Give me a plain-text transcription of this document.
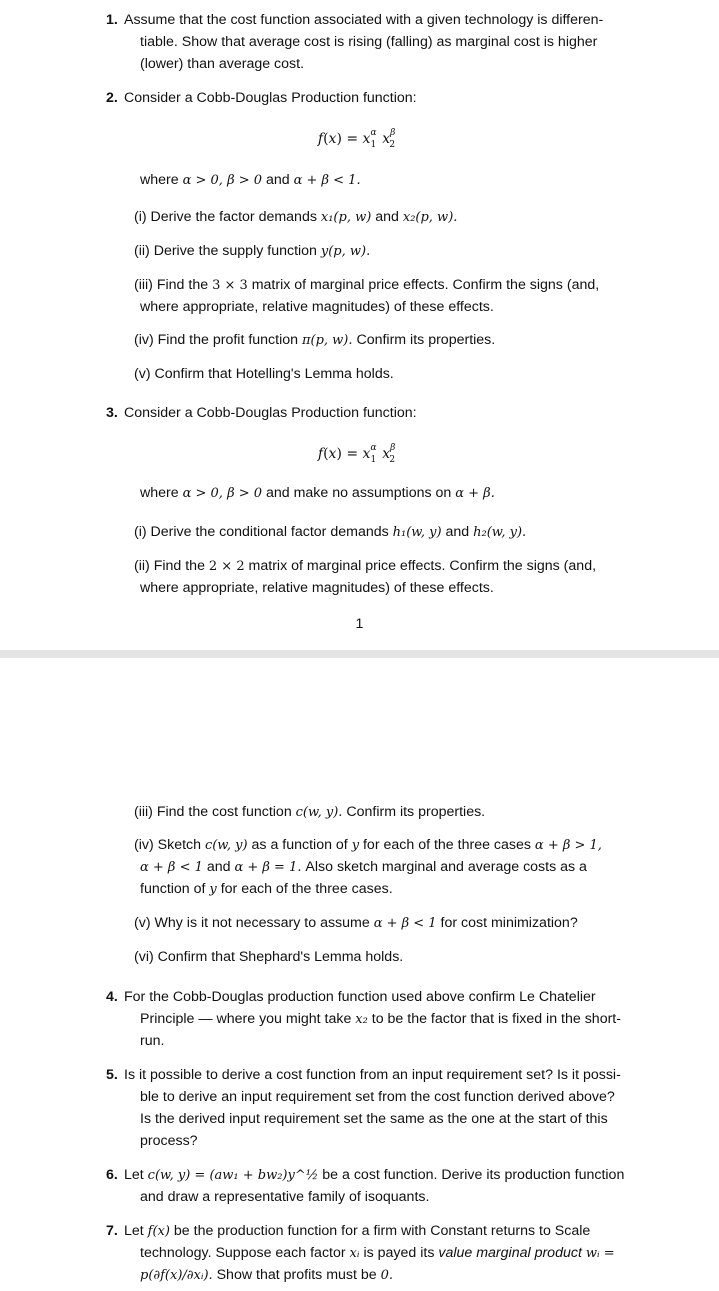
1. Assume that the cost function associated with a given technology is differen-
tiable. Show that average cost is rising (falling) as marginal cost is higher
(lower) than average cost.
2. Consider a Cobb-Douglas Production function:
$f(x) = x_{\alpha 1}$ $x_{\beta 2}$
where α > 0, β > 0 and α + β < 1.
(i) Derive the factor demands x₁(p, w) and x₂(p, w).
(ii) Derive the supply function y(p, w).
(iii) Find the 3 × 3 matrix of marginal price effects. Confirm the signs (and,
where appropriate, relative magnitudes) of these effects.
(iv) Find the profit function π(p, w). Confirm its properties.
(v) Confirm that Hotelling's Lemma holds.
3. Consider a Cobb-Douglas Production function:
$f(x) = x_{\alpha 1}$ $x_{\beta 2}$
where α > 0, β > 0 and make no assumptions on α + β.
(i) Derive the conditional factor demands h₁(w, y) and h₂(w, y).
(ii) Find the 2 × 2 matrix of marginal price effects. Confirm the signs (and,
where appropriate, relative magnitudes) of these effects.
1
(iii) Find the cost function c(w, y). Confirm its properties.
(iv) Sketch c(w, y) as a function of y for each of the three cases α + β > 1,
α + β < 1 and α + β = 1. Also sketch marginal and average costs as a
function of y for each of the three cases.
(v) Why is it not necessary to assume α + β < 1 for cost minimization?
(vi) Confirm that Shephard's Lemma holds.
4. For the Cobb-Douglas production function used above confirm Le Chatelier
Principle — where you might take x₂ to be the factor that is fixed in the short-
run.
5. Is it possible to derive a cost function from an input requirement set? Is it possi-
ble to derive an input requirement set from the cost function derived above?
Is the derived input requirement set the same as the one at the start of this
process?
6. Let c(w, y) = (aw₁ + bw₂)y^½ be a cost function. Derive its production function
and draw a representative family of isoquants.
7. Let f(x) be the production function for a firm with Constant returns to Scale
technology. Suppose each factor xᵢ is payed its value marginal product wᵢ =
p(∂f(x)/∂xᵢ). Show that profits must be 0.
